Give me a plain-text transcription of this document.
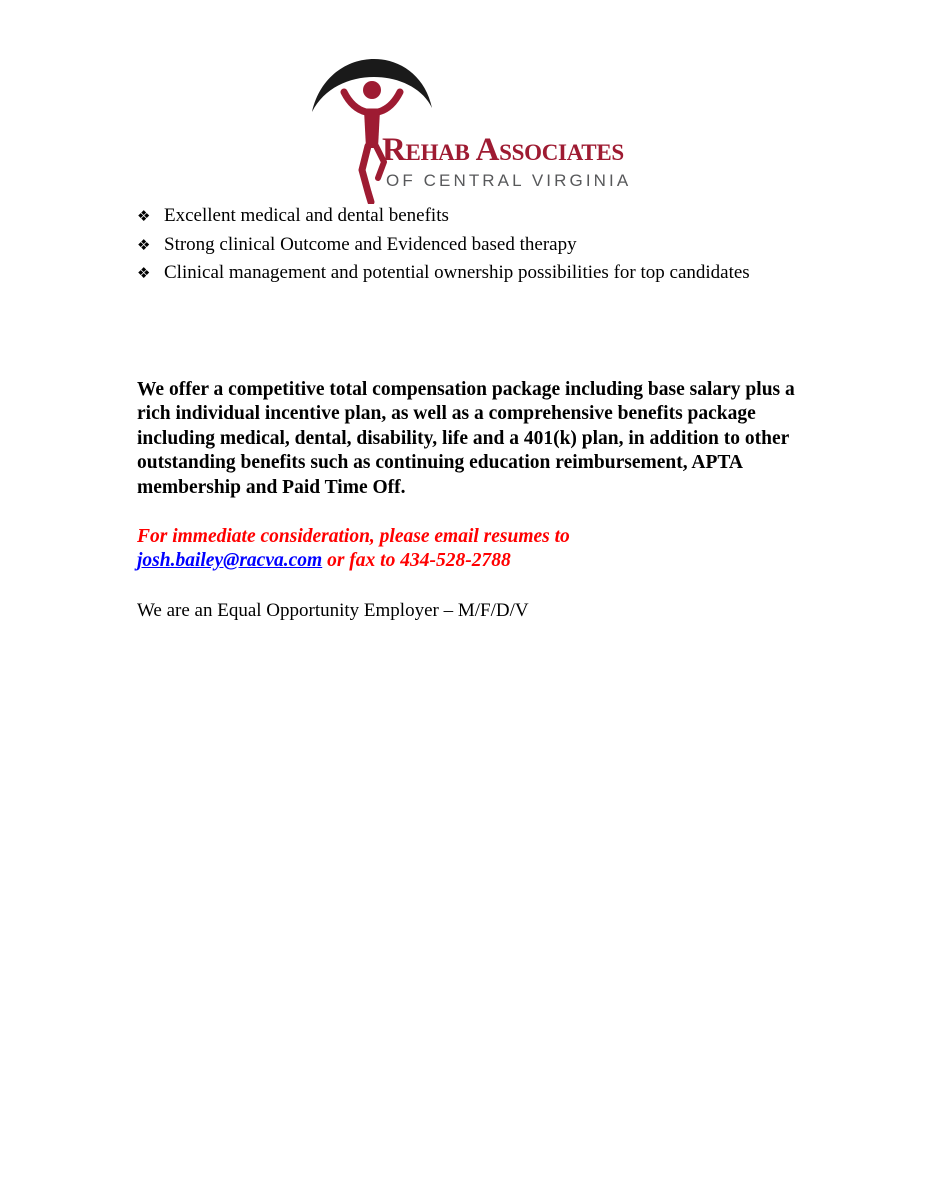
Rehab Associates
OF CENTRAL VIRGINIA
❖ Excellent medical and dental benefits
❖ Strong clinical Outcome and Evidenced based therapy
❖ Clinical management and potential ownership possibilities for top candidates

We offer a competitive total compensation package including base salary plus a rich individual incentive plan, as well as a comprehensive benefits package including medical, dental, disability, life and a 401(k) plan, in addition to other outstanding benefits such as continuing education reimbursement, APTA membership and Paid Time Off.

For immediate consideration, please email resumes to
josh.bailey@racva.com or fax to 434-528-2788
We are an Equal Opportunity Employer – M/F/D/V
